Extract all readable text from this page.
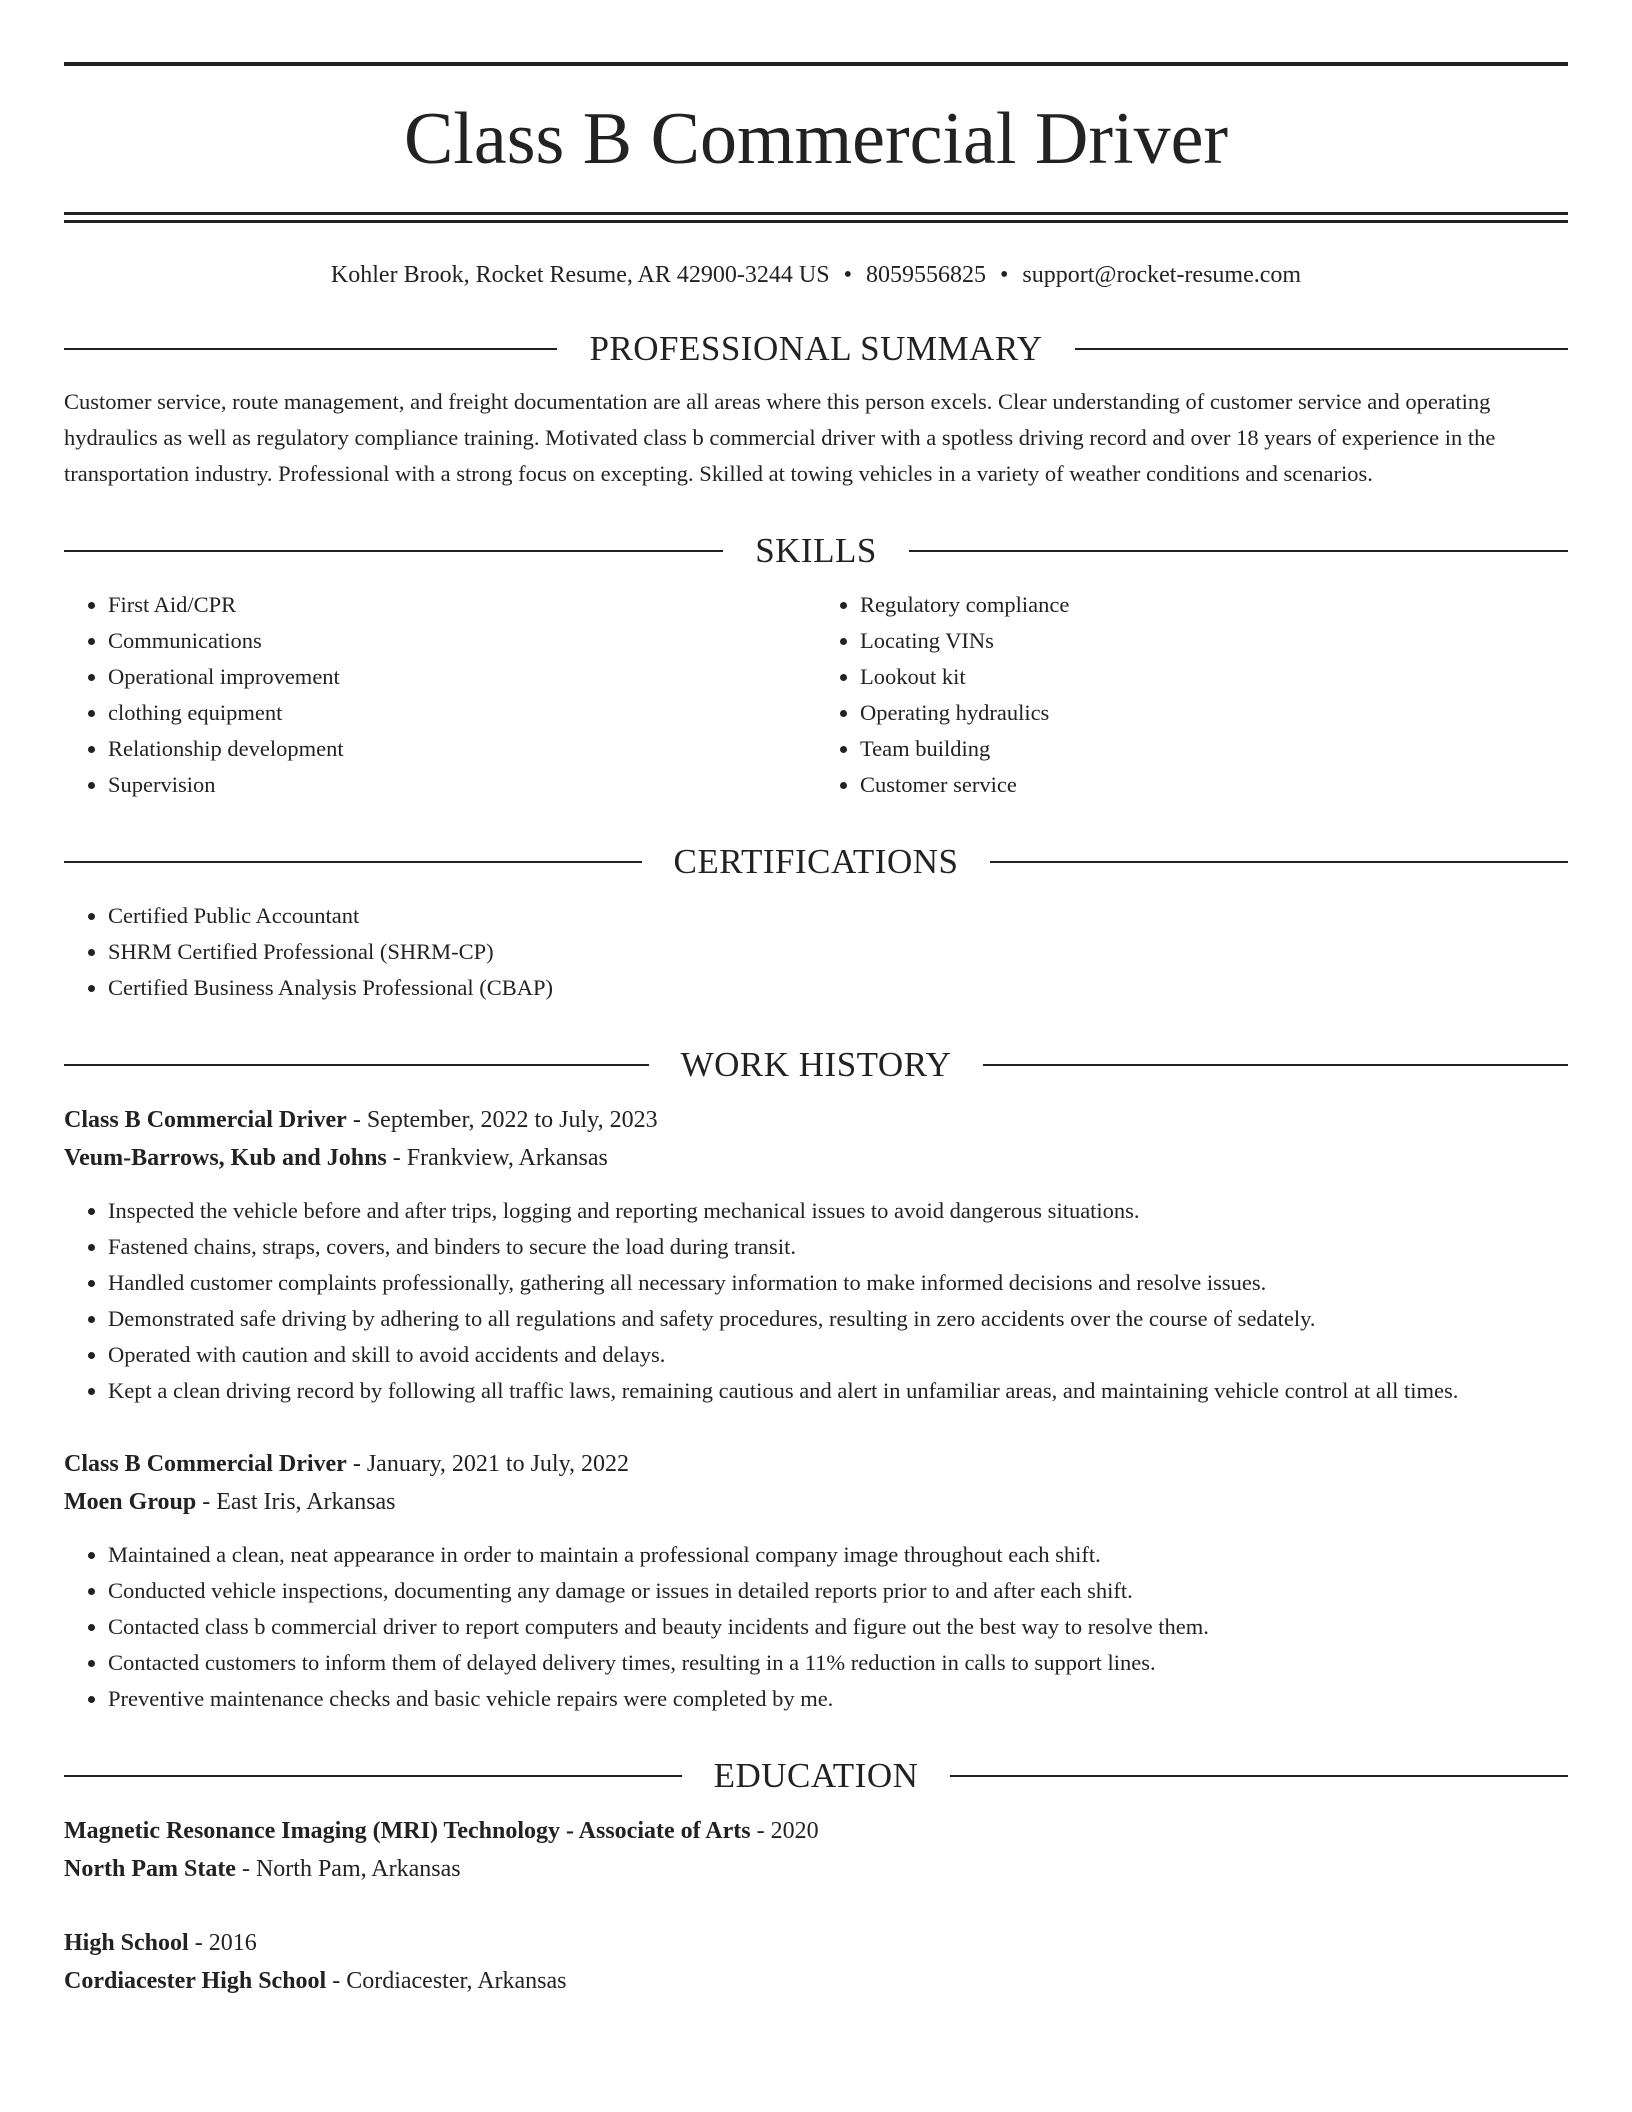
Class B Commercial Driver
Kohler Brook, Rocket Resume, AR 42900-3244 US • 8059556825 • support@rocket-resume.com
PROFESSIONAL SUMMARY

Customer service, route management, and freight documentation are all areas where this person excels. Clear understanding of customer service and operating hydraulics as well as regulatory compliance training. Motivated class b commercial driver with a spotless driving record and over 18 years of experience in the transportation industry. Professional with a strong focus on excepting. Skilled at towing vehicles in a variety of weather conditions and scenarios.

SKILLS
• First Aid/CPR
• Communications
• Operational improvement
• clothing equipment
• Relationship development
• Supervision
• Regulatory compliance
• Locating VINs
• Lookout kit
• Operating hydraulics
• Team building
• Customer service
CERTIFICATIONS
• Certified Public Accountant
• SHRM Certified Professional (SHRM-CP)
• Certified Business Analysis Professional (CBAP)
WORK HISTORY
Class B Commercial Driver - September, 2022 to July, 2023
Veum-Barrows, Kub and Johns - Frankview, Arkansas
• Inspected the vehicle before and after trips, logging and reporting mechanical issues to avoid dangerous situations.
• Fastened chains, straps, covers, and binders to secure the load during transit.
• Handled customer complaints professionally, gathering all necessary information to make informed decisions and resolve issues.
• Demonstrated safe driving by adhering to all regulations and safety procedures, resulting in zero accidents over the course of sedately.
• Operated with caution and skill to avoid accidents and delays.
• Kept a clean driving record by following all traffic laws, remaining cautious and alert in unfamiliar areas, and maintaining vehicle control at all times.
Class B Commercial Driver - January, 2021 to July, 2022
Moen Group - East Iris, Arkansas
• Maintained a clean, neat appearance in order to maintain a professional company image throughout each shift.
• Conducted vehicle inspections, documenting any damage or issues in detailed reports prior to and after each shift.
• Contacted class b commercial driver to report computers and beauty incidents and figure out the best way to resolve them.
• Contacted customers to inform them of delayed delivery times, resulting in a 11% reduction in calls to support lines.
• Preventive maintenance checks and basic vehicle repairs were completed by me.
EDUCATION
Magnetic Resonance Imaging (MRI) Technology - Associate of Arts - 2020
North Pam State - North Pam, Arkansas
High School - 2016
Cordiacester High School - Cordiacester, Arkansas
